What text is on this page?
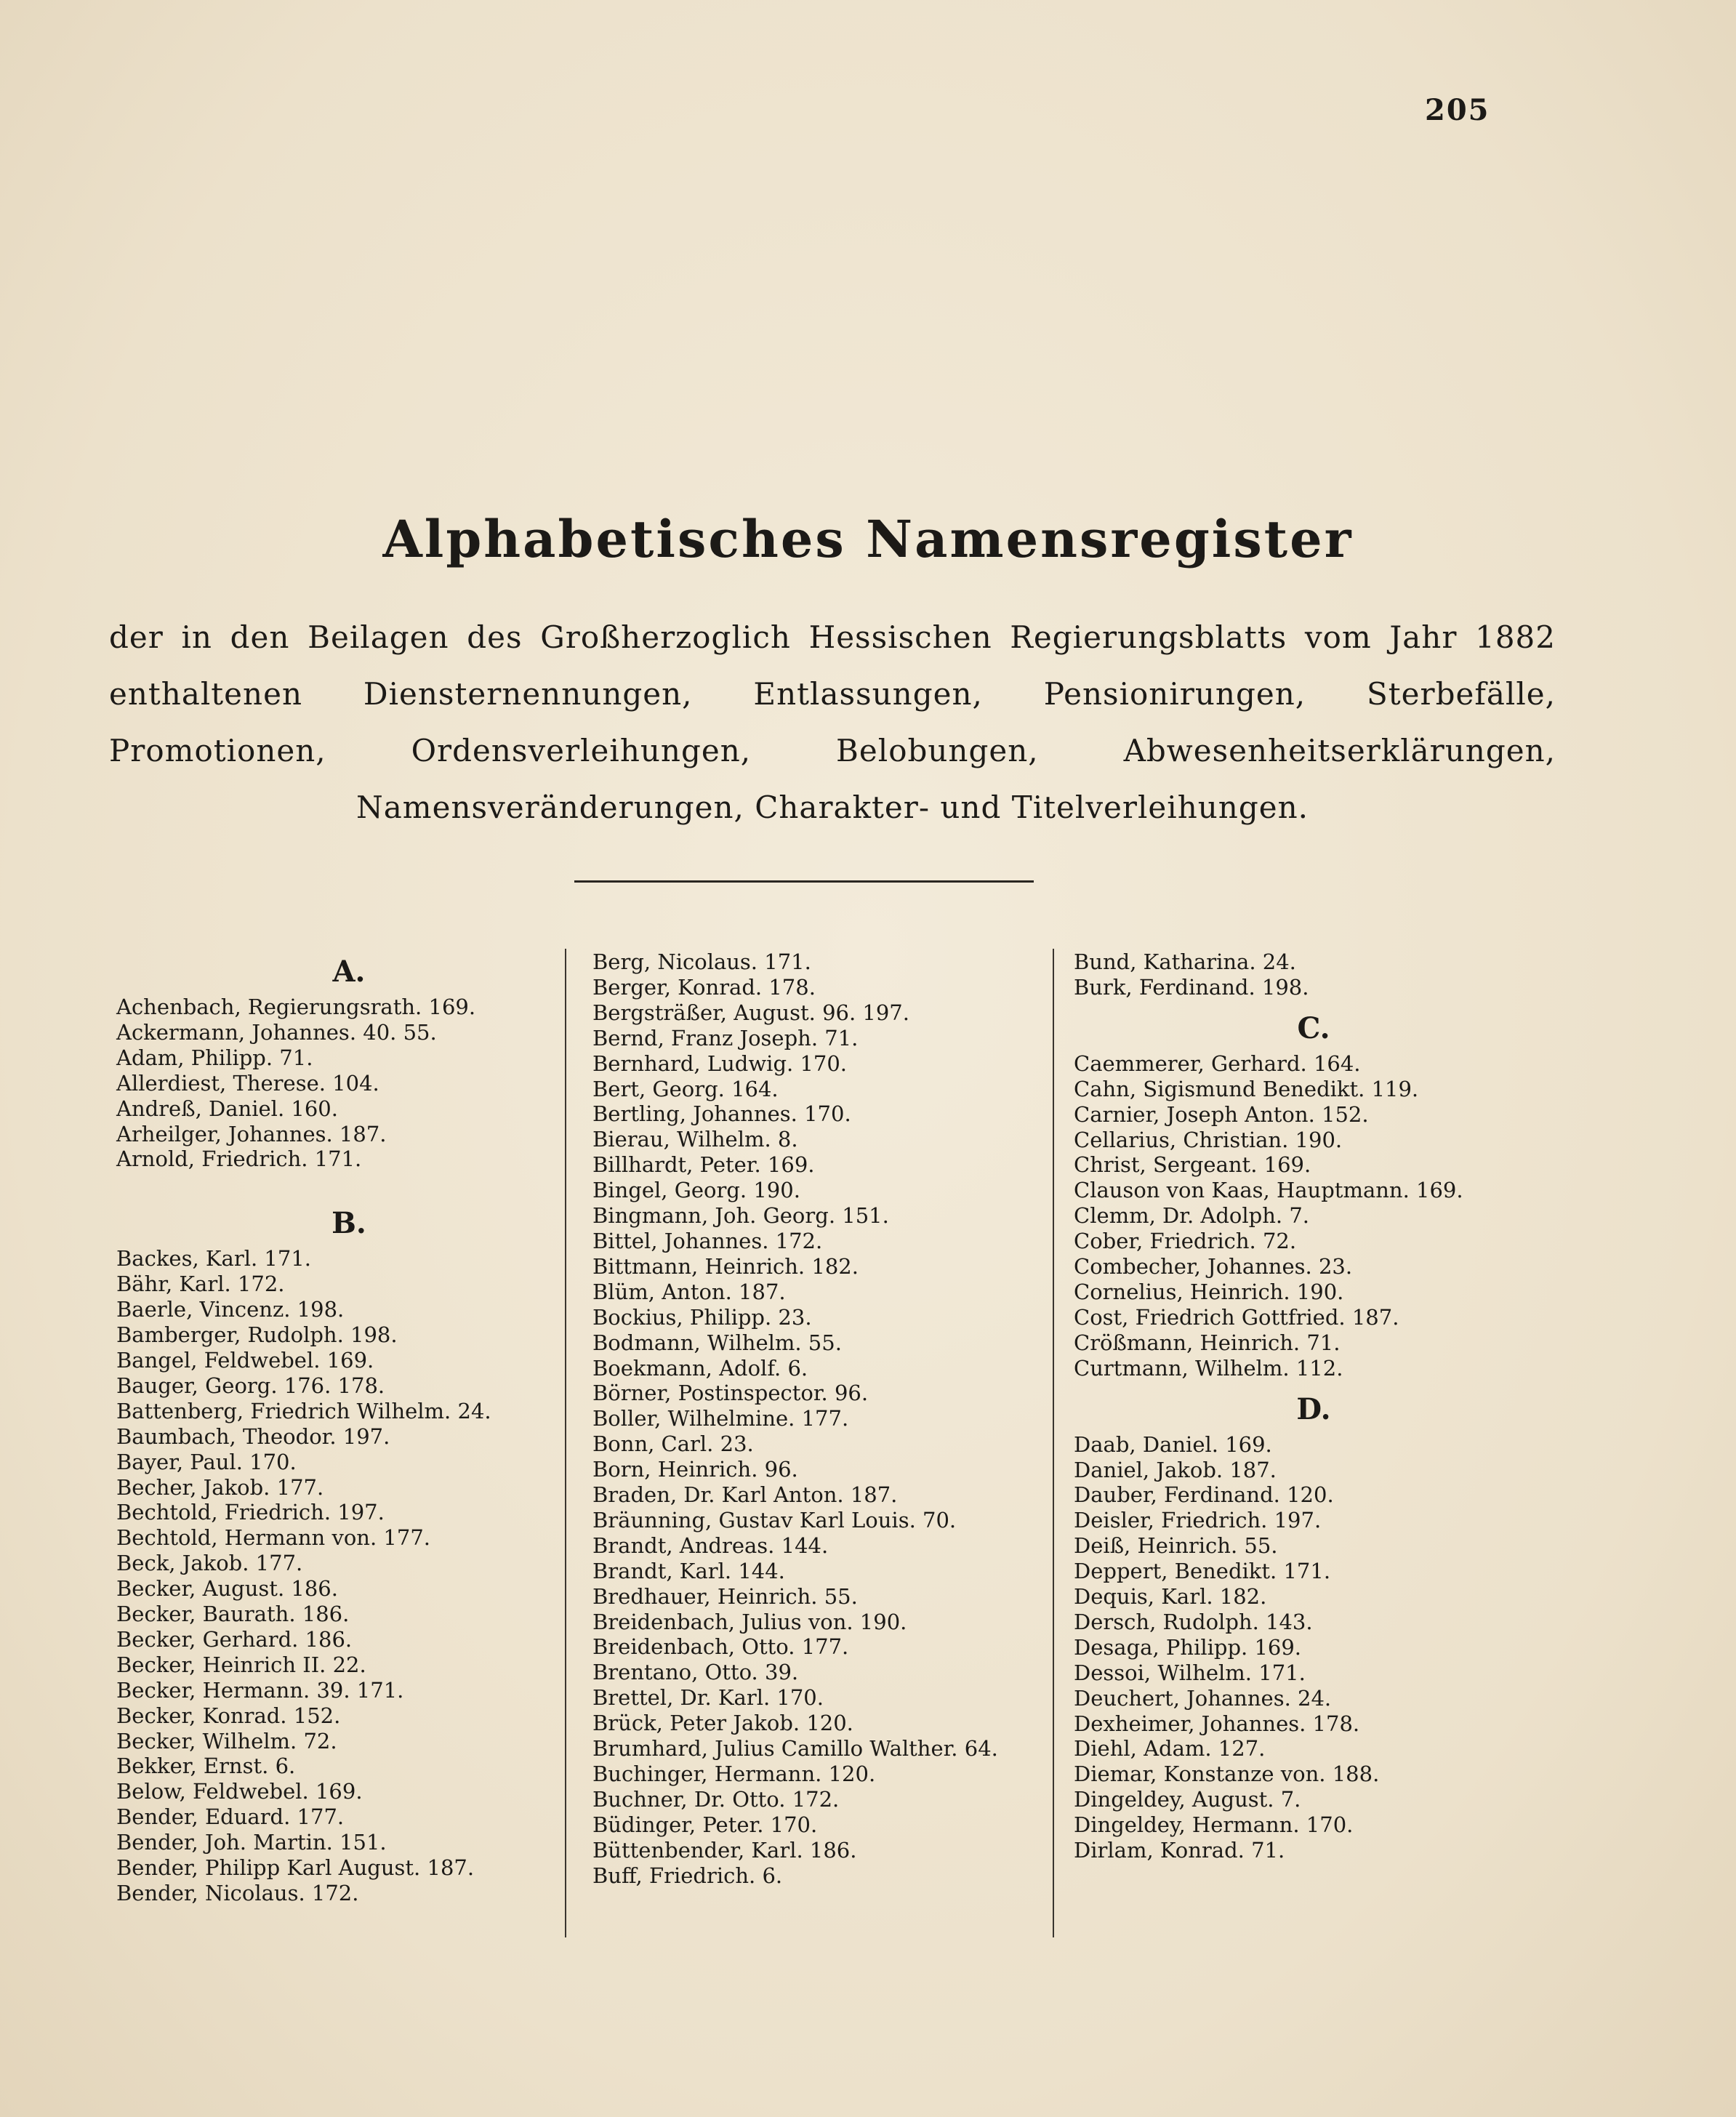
205
Alphabetisches Namensregister
der in den Beilagen des Großherzoglich Hessischen Regierungsblatts vom Jahr 1882 enthaltenen Diensternennungen, Entlassungen, Pensionirungen, Sterbefälle, Promotionen, Ordensverleihungen, Belobungen, Abwesenheitserklärungen, Namensveränderungen, Charakter- und Titelverleihungen.
A.
Achenbach, Regierungsrath. 169.
Ackermann, Johannes. 40. 55.
Adam, Philipp. 71.
Allerdiest, Therese. 104.
Andreß, Daniel. 160.
Arheilger, Johannes. 187.
Arnold, Friedrich. 171.
B.
Backes, Karl. 171.
Bähr, Karl. 172.
Baerle, Vincenz. 198.
Bamberger, Rudolph. 198.
Bangel, Feldwebel. 169.
Bauger, Georg. 176. 178.
Battenberg, Friedrich Wilhelm. 24.
Baumbach, Theodor. 197.
Bayer, Paul. 170.
Becher, Jakob. 177.
Bechtold, Friedrich. 197.
Bechtold, Hermann von. 177.
Beck, Jakob. 177.
Becker, August. 186.
Becker, Baurath. 186.
Becker, Gerhard. 186.
Becker, Heinrich II. 22.
Becker, Hermann. 39. 171.
Becker, Konrad. 152.
Becker, Wilhelm. 72.
Bekker, Ernst. 6.
Below, Feldwebel. 169.
Bender, Eduard. 177.
Bender, Joh. Martin. 151.
Bender, Philipp Karl August. 187.
Bender, Nicolaus. 172.
Berg, Nicolaus. 171.
Berger, Konrad. 178.
Bergsträßer, August. 96. 197.
Bernd, Franz Joseph. 71.
Bernhard, Ludwig. 170.
Bert, Georg. 164.
Bertling, Johannes. 170.
Bierau, Wilhelm. 8.
Billhardt, Peter. 169.
Bingel, Georg. 190.
Bingmann, Joh. Georg. 151.
Bittel, Johannes. 172.
Bittmann, Heinrich. 182.
Blüm, Anton. 187.
Bockius, Philipp. 23.
Bodmann, Wilhelm. 55.
Boekmann, Adolf. 6.
Börner, Postinspector. 96.
Boller, Wilhelmine. 177.
Bonn, Carl. 23.
Born, Heinrich. 96.
Braden, Dr. Karl Anton. 187.
Bräunning, Gustav Karl Louis. 70.
Brandt, Andreas. 144.
Brandt, Karl. 144.
Bredhauer, Heinrich. 55.
Breidenbach, Julius von. 190.
Breidenbach, Otto. 177.
Brentano, Otto. 39.
Brettel, Dr. Karl. 170.
Brück, Peter Jakob. 120.
Brumhard, Julius Camillo Walther. 64.
Buchinger, Hermann. 120.
Buchner, Dr. Otto. 172.
Büdinger, Peter. 170.
Büttenbender, Karl. 186.
Buff, Friedrich. 6.
Bund, Katharina. 24.
Burk, Ferdinand. 198.
C.
Caemmerer, Gerhard. 164.
Cahn, Sigismund Benedikt. 119.
Carnier, Joseph Anton. 152.
Cellarius, Christian. 190.
Christ, Sergeant. 169.
Clauson von Kaas, Hauptmann. 169.
Clemm, Dr. Adolph. 7.
Cober, Friedrich. 72.
Combecher, Johannes. 23.
Cornelius, Heinrich. 190.
Cost, Friedrich Gottfried. 187.
Crößmann, Heinrich. 71.
Curtmann, Wilhelm. 112.
D.
Daab, Daniel. 169.
Daniel, Jakob. 187.
Dauber, Ferdinand. 120.
Deisler, Friedrich. 197.
Deiß, Heinrich. 55.
Deppert, Benedikt. 171.
Dequis, Karl. 182.
Dersch, Rudolph. 143.
Desaga, Philipp. 169.
Dessoi, Wilhelm. 171.
Deuchert, Johannes. 24.
Dexheimer, Johannes. 178.
Diehl, Adam. 127.
Diemar, Konstanze von. 188.
Dingeldey, August. 7.
Dingeldey, Hermann. 170.
Dirlam, Konrad. 71.
